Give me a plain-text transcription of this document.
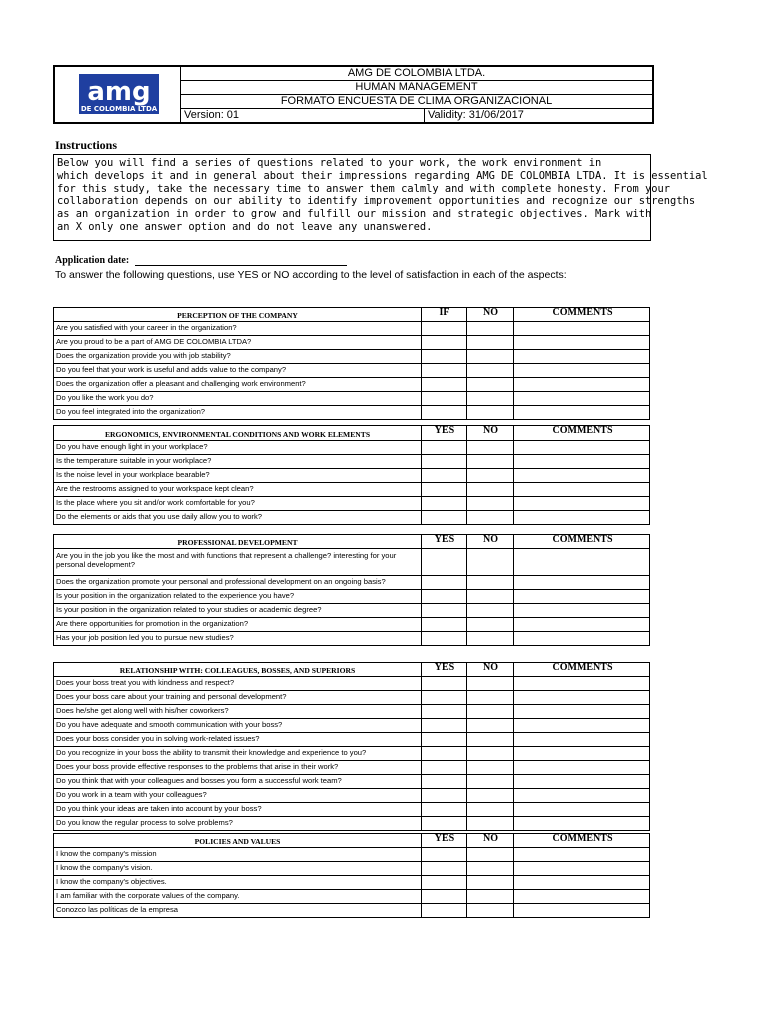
amg
DE COLOMBIA LTDA
AMG DE COLOMBIA LTDA.
HUMAN MANAGEMENT
FORMATO ENCUESTA DE CLIMA ORGANIZACIONAL
Version: 01	Validity: 31/06/2017
Instructions
Below you will find a series of questions related to your work, the work environment in
which develops it and in general about their impressions regarding AMG DE COLOMBIA LTDA. It is essential
for this study, take the necessary time to answer them calmly and with complete honesty. From your
collaboration depends on our ability to identify improvement opportunities and recognize our strengths
as an organization in order to grow and fulfill our mission and strategic objectives. Mark with
an X only one answer option and do not leave any unanswered.
Application date:
To answer the following questions, use YES or NO according to the level of satisfaction in each of the aspects:
PERCEPTION OF THE COMPANY	IF	NO	COMMENTS
Are you satisfied with your career in the organization?
Are you proud to be a part of AMG DE COLOMBIA LTDA?
Does the organization provide you with job stability?
Do you feel that your work is useful and adds value to the company?
Does the organization offer a pleasant and challenging work environment?
Do you like the work you do?
Do you feel integrated into the organization?
ERGONOMICS, ENVIRONMENTAL CONDITIONS AND WORK ELEMENTS	YES	NO	COMMENTS
Do you have enough light in your workplace?
Is the temperature suitable in your workplace?
Is the noise level in your workplace bearable?
Are the restrooms assigned to your workspace kept clean?
Is the place where you sit and/or work comfortable for you?
Do the elements or aids that you use daily allow you to work?
PROFESSIONAL DEVELOPMENT	YES	NO	COMMENTS
Are you in the job you like the most and with functions that represent a challenge? interesting for your personal development?
Does the organization promote your personal and professional development on an ongoing basis?
Is your position in the organization related to the experience you have?
Is your position in the organization related to your studies or academic degree?
Are there opportunities for promotion in the organization?
Has your job position led you to pursue new studies?
RELATIONSHIP WITH: COLLEAGUES, BOSSES, AND SUPERIORS	YES	NO	COMMENTS
Does your boss treat you with kindness and respect?
Does your boss care about your training and personal development?
Does he/she get along well with his/her coworkers?
Do you have adequate and smooth communication with your boss?
Does your boss consider you in solving work-related issues?
Do you recognize in your boss the ability to transmit their knowledge and experience to you?
Does your boss provide effective responses to the problems that arise in their work?
Do you think that with your colleagues and bosses you form a successful work team?
Do you work in a team with your colleagues?
Do you think your ideas are taken into account by your boss?
Do you know the regular process to solve problems?
POLICIES AND VALUES	YES	NO	COMMENTS
I know the company's mission
I know the company's vision.
I know the company's objectives.
I am familiar with the corporate values of the company.
Conozco las políticas de la empresa
